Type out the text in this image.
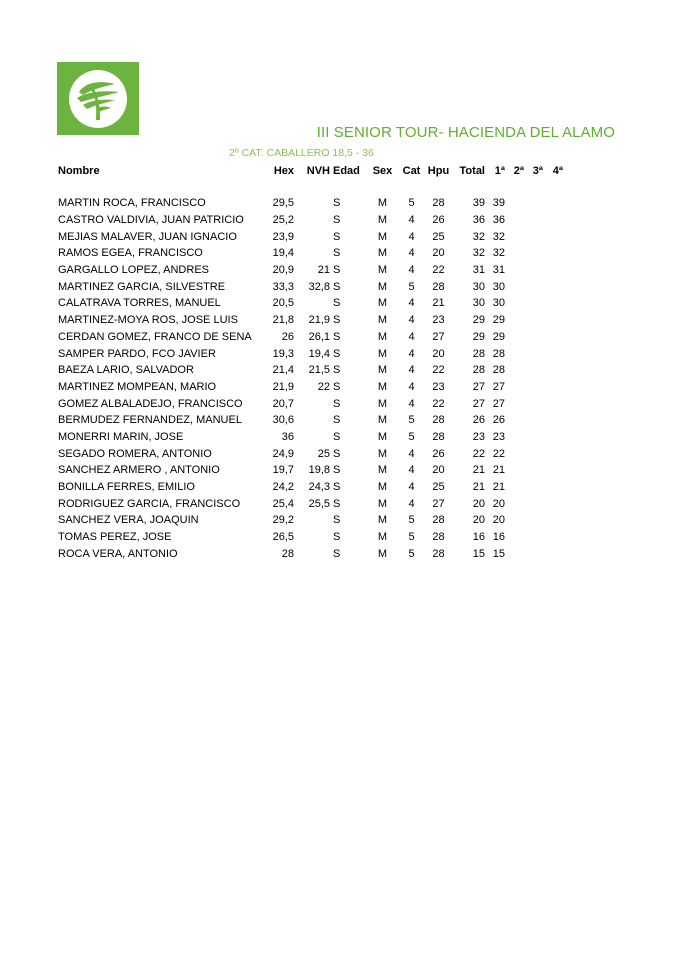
III SENIOR TOUR- HACIENDA DEL ALAMO
2º CAT. CABALLERO 18,5 - 36
Nombre	Hex	NVH	Edad	Sex	Cat	Hpu	Total	1ª	2ª	3ª	4ª

MARTIN ROCA, FRANCISCO	29,5		S	M	5	28	39	39			
CASTRO VALDIVIA, JUAN PATRICIO	25,2		S	M	4	26	36	36			
MEJIAS MALAVER, JUAN IGNACIO	23,9		S	M	4	25	32	32			
RAMOS EGEA, FRANCISCO	19,4		S	M	4	20	32	32			
GARGALLO LOPEZ, ANDRES	20,9	21	S	M	4	22	31	31			
MARTINEZ GARCIA, SILVESTRE	33,3	32,8	S	M	5	28	30	30			
CALATRAVA TORRES, MANUEL	20,5		S	M	4	21	30	30			
MARTINEZ-MOYA ROS, JOSE LUIS	21,8	21,9	S	M	4	23	29	29			
CERDAN GOMEZ, FRANCO DE SENA	26	26,1	S	M	4	27	29	29			
SAMPER PARDO, FCO JAVIER	19,3	19,4	S	M	4	20	28	28			
BAEZA LARIO, SALVADOR	21,4	21,5	S	M	4	22	28	28			
MARTINEZ MOMPEAN, MARIO	21,9	22	S	M	4	23	27	27			
GOMEZ ALBALADEJO, FRANCISCO	20,7		S	M	4	22	27	27			
BERMUDEZ FERNANDEZ, MANUEL	30,6		S	M	5	28	26	26			
MONERRI MARIN, JOSE	36		S	M	5	28	23	23			
SEGADO ROMERA, ANTONIO	24,9	25	S	M	4	26	22	22			
SANCHEZ ARMERO , ANTONIO	19,7	19,8	S	M	4	20	21	21			
BONILLA FERRES, EMILIO	24,2	24,3	S	M	4	25	21	21			
RODRIGUEZ GARCIA, FRANCISCO	25,4	25,5	S	M	4	27	20	20			
SANCHEZ VERA, JOAQUIN	29,2		S	M	5	28	20	20			
TOMAS PEREZ, JOSE	26,5		S	M	5	28	16	16			
ROCA VERA, ANTONIO	28		S	M	5	28	15	15			
